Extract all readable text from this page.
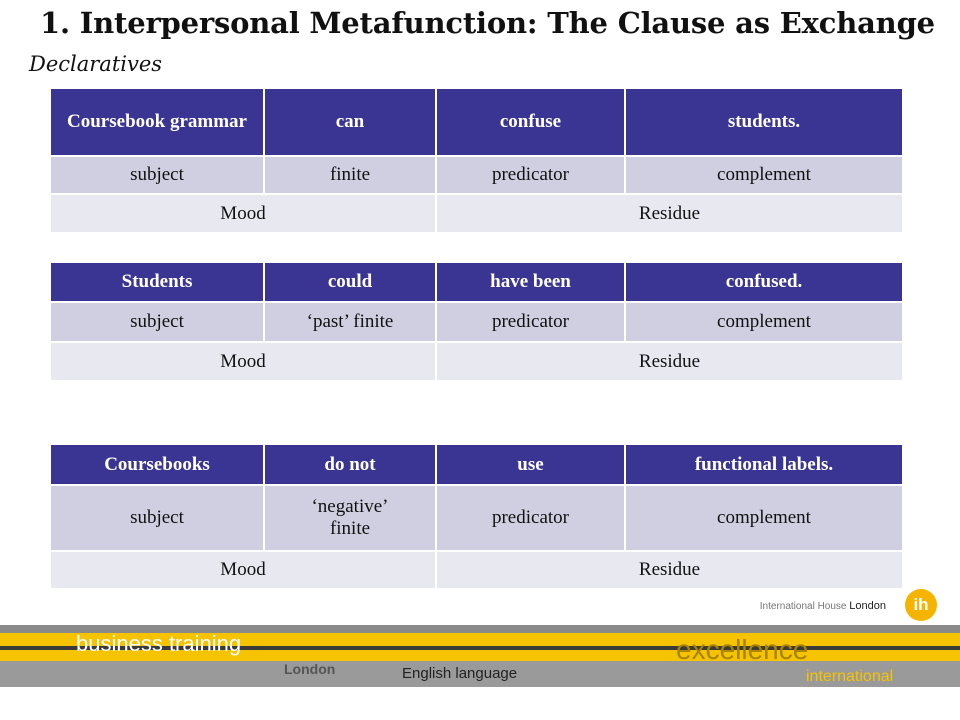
1. Interpersonal Metafunction: The Clause as Exchange
Declaratives
Coursebook grammar	can	confuse	students.
subject	finite	predicator	complement
Mood		Residue	
Students	could	have been	confused.
subject	‘past’ finite	predicator	complement
Mood		Residue	
Coursebooks	do not	use	functional labels.
subject	‘negative’ finite	predicator	complement
Mood		Residue	
International House London	ih
business training
London	English language
excellence
international
